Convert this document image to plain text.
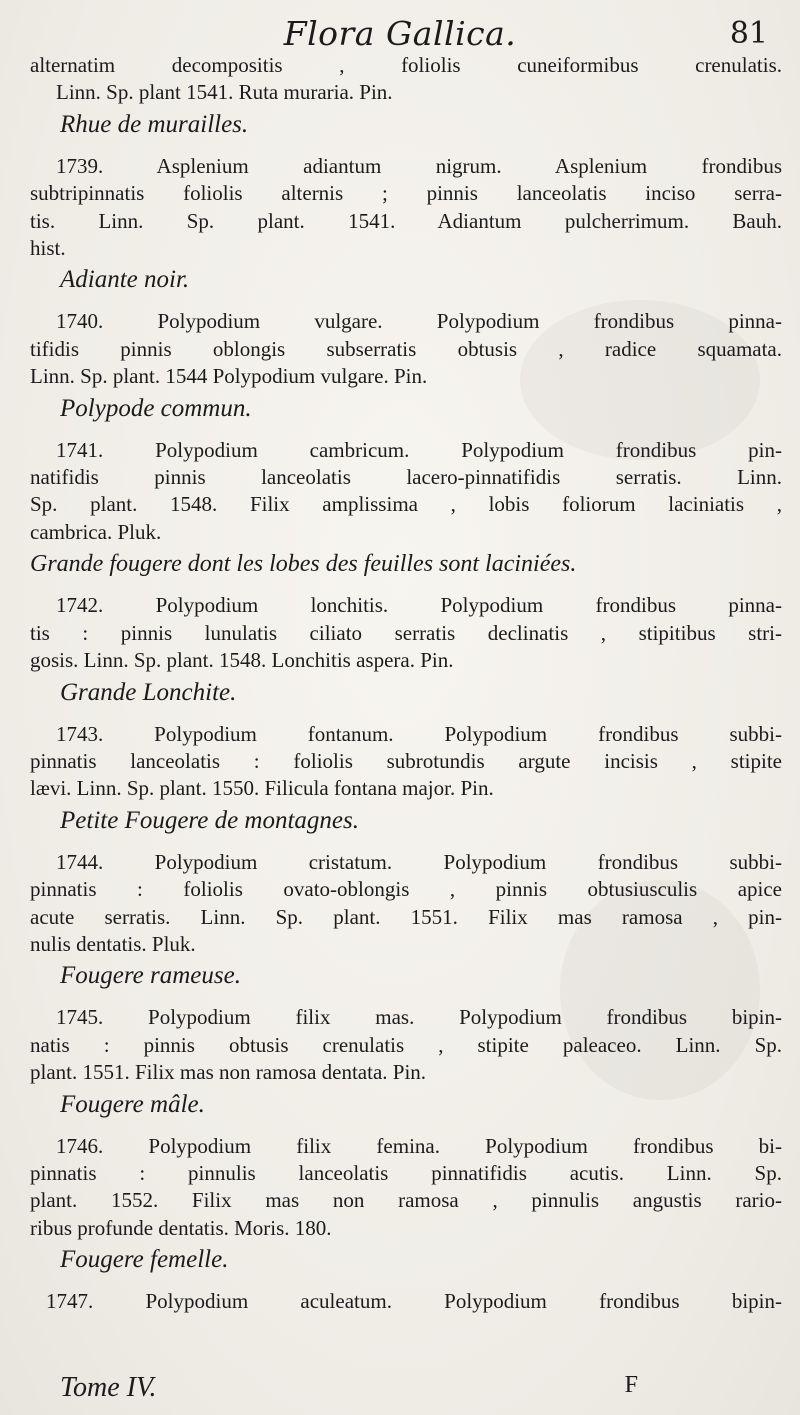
Flora Gallica.	81
alternatim decompositis , foliolis cuneiformibus crenulatis.
Linn. Sp. plant 1541. Ruta muraria. Pin.
Rhue de murailles.
1739. Asplenium adiantum nigrum. Asplenium frondibus
subtripinnatis foliolis alternis ; pinnis lanceolatis inciso serra-
tis. Linn. Sp. plant. 1541. Adiantum pulcherrimum. Bauh.
hist.
Adiante noir.
1740. Polypodium vulgare. Polypodium frondibus pinna-
tifidis pinnis oblongis subserratis obtusis , radice squamata.
Linn. Sp. plant. 1544 Polypodium vulgare. Pin.
Polypode commun.
1741. Polypodium cambricum. Polypodium frondibus pin-
natifidis pinnis lanceolatis lacero-pinnatifidis serratis. Linn.
Sp. plant. 1548. Filix amplissima , lobis foliorum laciniatis ,
cambrica. Pluk.
Grande fougere dont les lobes des feuilles sont laciniées.
1742. Polypodium lonchitis. Polypodium frondibus pinna-
tis : pinnis lunulatis ciliato serratis declinatis , stipitibus stri-
gosis. Linn. Sp. plant. 1548. Lonchitis aspera. Pin.
Grande Lonchite.
1743. Polypodium fontanum. Polypodium frondibus subbi-
pinnatis lanceolatis : foliolis subrotundis argute incisis , stipite
lævi. Linn. Sp. plant. 1550. Filicula fontana major. Pin.
Petite Fougere de montagnes.
1744. Polypodium cristatum. Polypodium frondibus subbi-
pinnatis : foliolis ovato-oblongis , pinnis obtusiusculis apice
acute serratis. Linn. Sp. plant. 1551. Filix mas ramosa , pin-
nulis dentatis. Pluk.
Fougere rameuse.
1745. Polypodium filix mas. Polypodium frondibus bipin-
natis : pinnis obtusis crenulatis , stipite paleaceo. Linn. Sp.
plant. 1551. Filix mas non ramosa dentata. Pin.
Fougere mâle.
1746. Polypodium filix femina. Polypodium frondibus bi-
pinnatis : pinnulis lanceolatis pinnatifidis acutis. Linn. Sp.
plant. 1552. Filix mas non ramosa , pinnulis angustis rario-
ribus profunde dentatis. Moris. 180.
Fougere femelle.
1747. Polypodium aculeatum. Polypodium frondibus bipin-
Tome IV.	F
